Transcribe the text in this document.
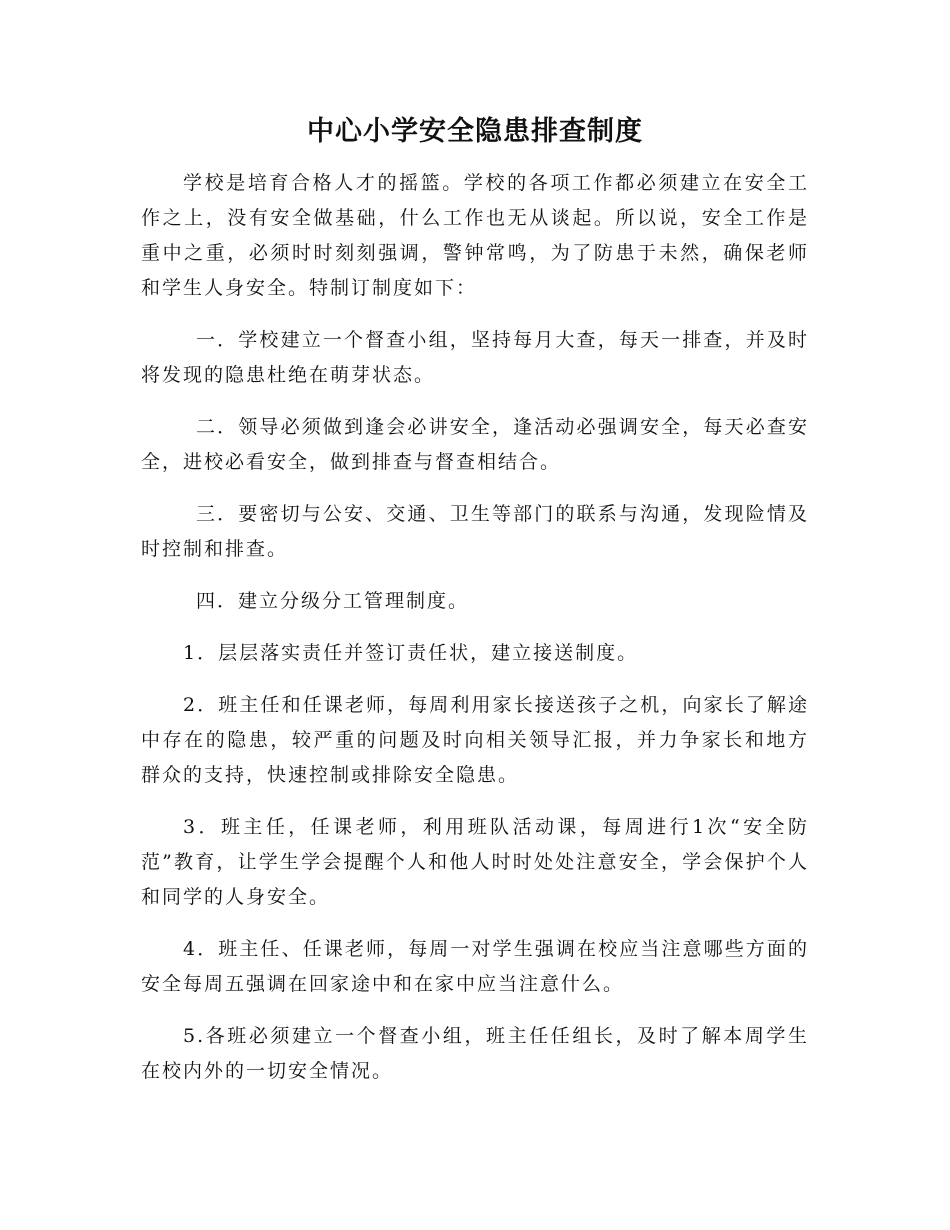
中心小学安全隐患排查制度

学校是培育合格人才的摇篮。学校的各项工作都必须建立在安全工作之上，没有安全做基础，什么工作也无从谈起。所以说，安全工作是重中之重，必须时时刻刻强调，警钟常鸣，为了防患于未然，确保老师和学生人身安全。特制订制度如下：

一．学校建立一个督查小组，坚持每月大查，每天一排查，并及时将发现的隐患杜绝在萌芽状态。

二．领导必须做到逢会必讲安全，逢活动必强调安全，每天必查安全，进校必看安全，做到排查与督查相结合。

三．要密切与公安、交通、卫生等部门的联系与沟通，发现险情及时控制和排查。

四．建立分级分工管理制度。

1．层层落实责任并签订责任状，建立接送制度。

2．班主任和任课老师，每周利用家长接送孩子之机，向家长了解途中存在的隐患，较严重的问题及时向相关领导汇报，并力争家长和地方群众的支持，快速控制或排除安全隐患。

3．班主任，任课老师，利用班队活动课，每周进行1次“安全防范”教育，让学生学会提醒个人和他人时时处处注意安全，学会保护个人和同学的人身安全。

4．班主任、任课老师，每周一对学生强调在校应当注意哪些方面的安全每周五强调在回家途中和在家中应当注意什么。

5.各班必须建立一个督查小组，班主任任组长，及时了解本周学生在校内外的一切安全情况。
